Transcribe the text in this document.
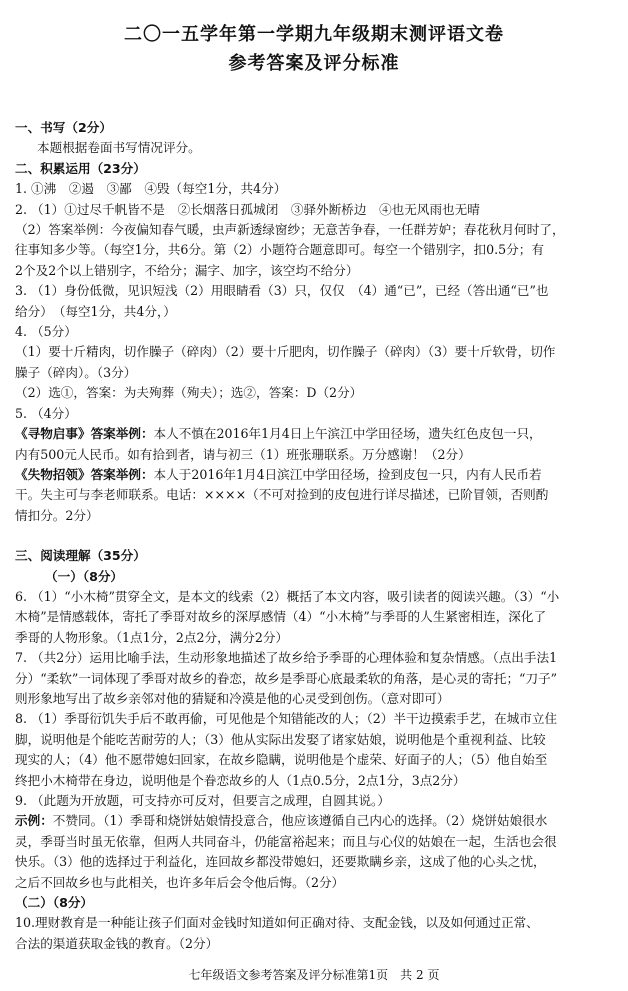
二〇一五学年第一学期九年级期末测评语文卷
参考答案及评分标准

一、书写（2分）

本题根据卷面书写情况评分。

二、积累运用（23分）

1. ①沸　②遏　③鄙　④毁（每空1分，共4分）

2. （1）①过尽千帆皆不是　②长烟落日孤城闭　③驿外断桥边　④也无风雨也无晴

（2）答案举例：今夜偏知春气暖，虫声新透绿窗纱；无意苦争春，一任群芳妒；春花秋月何时了，

往事知多少等。（每空1分，共6分。第（2）小题符合题意即可。每空一个错别字，扣0.5分；有

2个及2个以上错别字，不给分；漏字、加字，该空均不给分）

3. （1）身份低微，见识短浅（2）用眼睛看（3）只，仅仅　（4）通“已”，已经（答出通“已”也

给分）　（每空1分，共4分，）

4. （5分）

（1）要十斤精肉，切作臊子（碎肉）（2）要十斤肥肉，切作臊子（碎肉）（3）要十斤软骨，切作

臊子（碎肉）。（3分）

（2）选①，答案：为夫殉葬（殉夫）；选②，答案：D（2分）

5. （4分）

《寻物启事》答案举例：本人不慎在2016年1月4日上午滨江中学田径场，遗失红色皮包一只，

内有500元人民币。如有拾到者，请与初三（1）班张珊联系。万分感谢！（2分）

《失物招领》答案举例：本人于2016年1月4日滨江中学田径场，捡到皮包一只，内有人民币若

干。失主可与李老师联系。电话：××××（不可对捡到的皮包进行详尽描述，已阶冒领，否则酌

情扣分。2分）

三、阅读理解（35分）

（一）（8分）

6. （1）“小木椅”贯穿全文，是本文的线索（2）概括了本文内容，吸引读者的阅读兴趣。（3）“小

木椅”是情感载体，寄托了季哥对故乡的深厚感情（4）“小木椅”与季哥的人生紧密相连，深化了

季哥的人物形象。（1点1分，2点2分，满分2分）

7. （共2分）运用比喻手法，生动形象地描述了故乡给予季哥的心理体验和复杂情感。（点出手法1

分）“柔软”一词体现了季哥对故乡的眷恋，故乡是季哥心底最柔软的角落，是心灵的寄托；“刀子”

则形象地写出了故乡亲邻对他的猜疑和冷漠是他的心灵受到创伤。（意对即可）

8. （1）季哥衍饥失手后不敢再偷，可见他是个知错能改的人；（2）半干边摸索手艺，在城市立住

脚，说明他是个能吃苦耐劳的人；（3）他从实际出发娶了诸家姑娘，说明他是个重视利益、比较

现实的人；（4）他不愿带媳妇回家，在故乡隐瞒，说明他是个虚荣、好面子的人；（5）他自始至

终把小木椅带在身边，说明他是个眷恋故乡的人（1点0.5分，2点1分，3点2分）

9. （此题为开放题，可支持亦可反对，但要言之成理，自圆其说。）

示例：不赞同。（1）季哥和烧饼姑娘情投意合，他应该遵循自己内心的选择。（2）烧饼姑娘很水

灵，季哥当时虽无依靠，但两人共同奋斗，仍能富裕起来；而且与心仪的姑娘在一起，生活也会很

快乐。（3）他的选择过于利益化，连回故乡都没带媳妇，还要欺瞒乡亲，这成了他的心头之忧，

之后不回故乡也与此相关，也许多年后会令他后悔。（2分）

（二）（8分）

10.理财教育是一种能让孩子们面对金钱时知道如何正确对待、支配金钱，以及如何通过正常、

合法的渠道获取金钱的教育。（2分）

七年级语文参考答案及评分标准第1页　共 2 页
